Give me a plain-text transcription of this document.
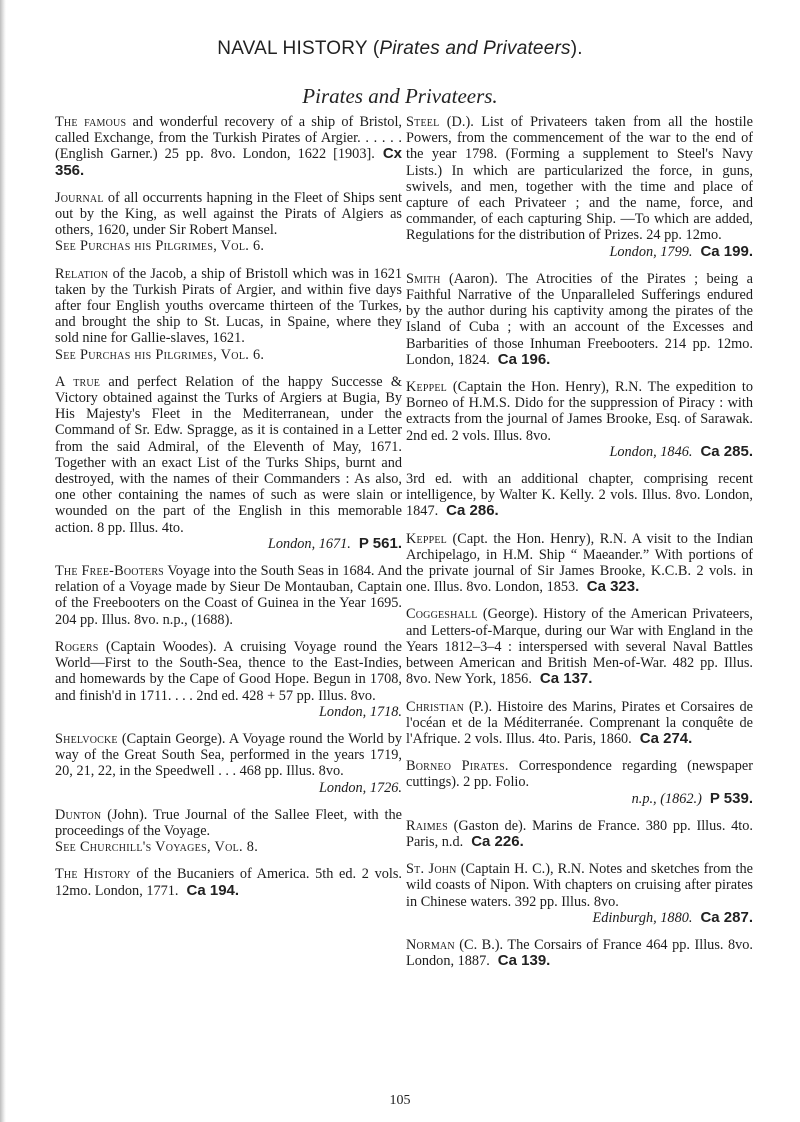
NAVAL HISTORY (Pirates and Privateers).
Pirates and Privateers.

The famous and wonderful recovery of a ship of Bristol, called Exchange, from the Turkish Pirates of Argier. . . . . . (English Garner.) 25 pp. 8vo. London, 1622 [1903]. Cx 356.

Journal of all occurrents hapning in the Fleet of Ships sent out by the King, as well against the Pirats of Algiers as others, 1620, under Sir Robert Mansel.

See Purchas his Pilgrimes, Vol. 6.

Relation of the Jacob, a ship of Bristoll which was in 1621 taken by the Turkish Pirats of Argier, and within five days after four English youths overcame thirteen of the Turkes, and brought the ship to St. Lucas, in Spaine, where they sold nine for Gallie-slaves, 1621.

See Purchas his Pilgrimes, Vol. 6.

A true and perfect Relation of the happy Successe & Victory obtained against the Turks of Argiers at Bugia, By His Majesty's Fleet in the Mediterranean, under the Command of Sr. Edw. Spragge, as it is contained in a Letter from the said Admiral, of the Eleventh of May, 1671. Together with an exact List of the Turks Ships, burnt and destroyed, with the names of their Commanders : As also, one other containing the names of such as were slain or wounded on the part of the English in this memorable action. 8 pp. Illus. 4to.

London, 1671. P 561.

The Free-Booters Voyage into the South Seas in 1684. And relation of a Voyage made by Sieur De Montauban, Captain of the Freebooters on the Coast of Guinea in the Year 1695. 204 pp. Illus. 8vo. n.p., (1688).

Rogers (Captain Woodes). A cruising Voyage round the World—First to the South-Sea, thence to the East-Indies, and homewards by the Cape of Good Hope. Begun in 1708, and finish'd in 1711. . . . 2nd ed. 428 + 57 pp. Illus. 8vo.

London, 1718.

Shelvocke (Captain George). A Voyage round the World by way of the Great South Sea, performed in the years 1719, 20, 21, 22, in the Speedwell . . . 468 pp. Illus. 8vo.

London, 1726.

Dunton (John). True Journal of the Sallee Fleet, with the proceedings of the Voyage.

See Churchill's Voyages, Vol. 8.

The History of the Bucaniers of America. 5th ed. 2 vols. 12mo. London, 1771. Ca 194.

Steel (D.). List of Privateers taken from all the hostile Powers, from the commencement of the war to the end of the year 1798. (Forming a supplement to Steel's Navy Lists.) In which are particularized the force, in guns, swivels, and men, together with the time and place of capture of each Privateer ; and the name, force, and commander, of each capturing Ship. —To which are added, Regulations for the distribution of Prizes. 24 pp. 12mo.

London, 1799. Ca 199.

Smith (Aaron). The Atrocities of the Pirates ; being a Faithful Narrative of the Unparalleled Sufferings endured by the author during his captivity among the pirates of the Island of Cuba ; with an account of the Excesses and Barbarities of those Inhuman Freebooters. 214 pp. 12mo. London, 1824. Ca 196.

Keppel (Captain the Hon. Henry), R.N. The expedition to Borneo of H.M.S. Dido for the suppression of Piracy : with extracts from the journal of James Brooke, Esq. of Sarawak. 2nd ed. 2 vols. Illus. 8vo.

London, 1846. Ca 285.

3rd ed. with an additional chapter, comprising recent intelligence, by Walter K. Kelly. 2 vols. Illus. 8vo. London, 1847. Ca 286.

Keppel (Capt. the Hon. Henry), R.N. A visit to the Indian Archipelago, in H.M. Ship “ Maeander.” With portions of the private journal of Sir James Brooke, K.C.B. 2 vols. in one. Illus. 8vo. London, 1853. Ca 323.

Coggeshall (George). History of the American Privateers, and Letters-of-Marque, during our War with England in the Years 1812–3–4 : interspersed with several Naval Battles between American and British Men-of-War. 482 pp. Illus. 8vo. New York, 1856. Ca 137.

Christian (P.). Histoire des Marins, Pirates et Corsaires de l'océan et de la Méditerranée. Comprenant la conquête de l'Afrique. 2 vols. Illus. 4to. Paris, 1860. Ca 274.

Borneo Pirates. Correspondence regarding (newspaper cuttings). 2 pp. Folio.

n.p., (1862.) P 539.

Raimes (Gaston de). Marins de France. 380 pp. Illus. 4to. Paris, n.d. Ca 226.

St. John (Captain H. C.), R.N. Notes and sketches from the wild coasts of Nipon. With chapters on cruising after pirates in Chinese waters. 392 pp. Illus. 8vo.

Edinburgh, 1880. Ca 287.

Norman (C. B.). The Corsairs of France 464 pp. Illus. 8vo. London, 1887. Ca 139.

105
